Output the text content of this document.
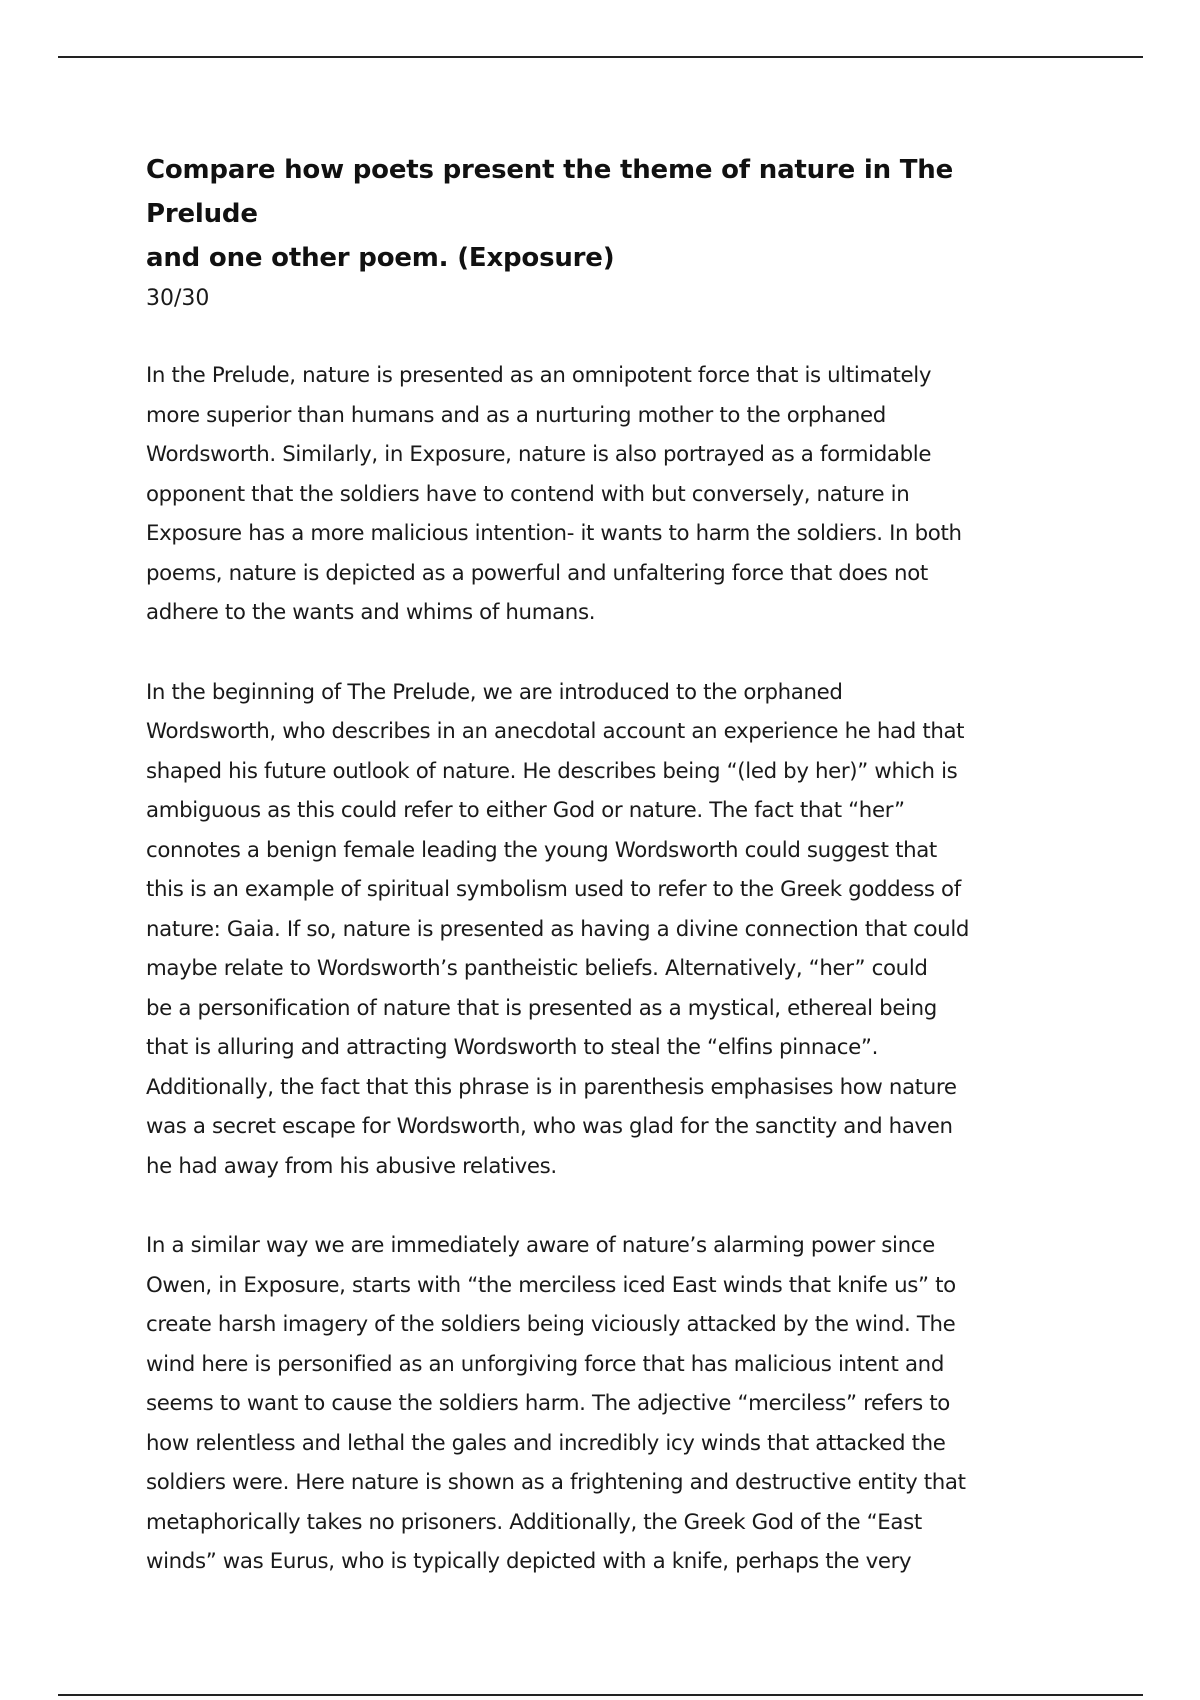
Compare how poets present the theme of nature in The Prelude
and one other poem. (Exposure)

30/30

In the Prelude, nature is presented as an omnipotent force that is ultimately
more superior than humans and as a nurturing mother to the orphaned
Wordsworth. Similarly, in Exposure, nature is also portrayed as a formidable
opponent that the soldiers have to contend with but conversely, nature in
Exposure has a more malicious intention- it wants to harm the soldiers. In both
poems, nature is depicted as a powerful and unfaltering force that does not
adhere to the wants and whims of humans.

In the beginning of The Prelude, we are introduced to the orphaned
Wordsworth, who describes in an anecdotal account an experience he had that
shaped his future outlook of nature. He describes being “(led by her)” which is
ambiguous as this could refer to either God or nature. The fact that “her”
connotes a benign female leading the young Wordsworth could suggest that
this is an example of spiritual symbolism used to refer to the Greek goddess of
nature: Gaia. If so, nature is presented as having a divine connection that could
maybe relate to Wordsworth’s pantheistic beliefs. Alternatively, “her” could
be a personification of nature that is presented as a mystical, ethereal being
that is alluring and attracting Wordsworth to steal the “elfins pinnace”.
Additionally, the fact that this phrase is in parenthesis emphasises how nature
was a secret escape for Wordsworth, who was glad for the sanctity and haven
he had away from his abusive relatives.

In a similar way we are immediately aware of nature’s alarming power since
Owen, in Exposure, starts with “the merciless iced East winds that knife us” to
create harsh imagery of the soldiers being viciously attacked by the wind. The
wind here is personified as an unforgiving force that has malicious intent and
seems to want to cause the soldiers harm. The adjective “merciless” refers to
how relentless and lethal the gales and incredibly icy winds that attacked the
soldiers were. Here nature is shown as a frightening and destructive entity that
metaphorically takes no prisoners. Additionally, the Greek God of the “East
winds” was Eurus, who is typically depicted with a knife, perhaps the very
